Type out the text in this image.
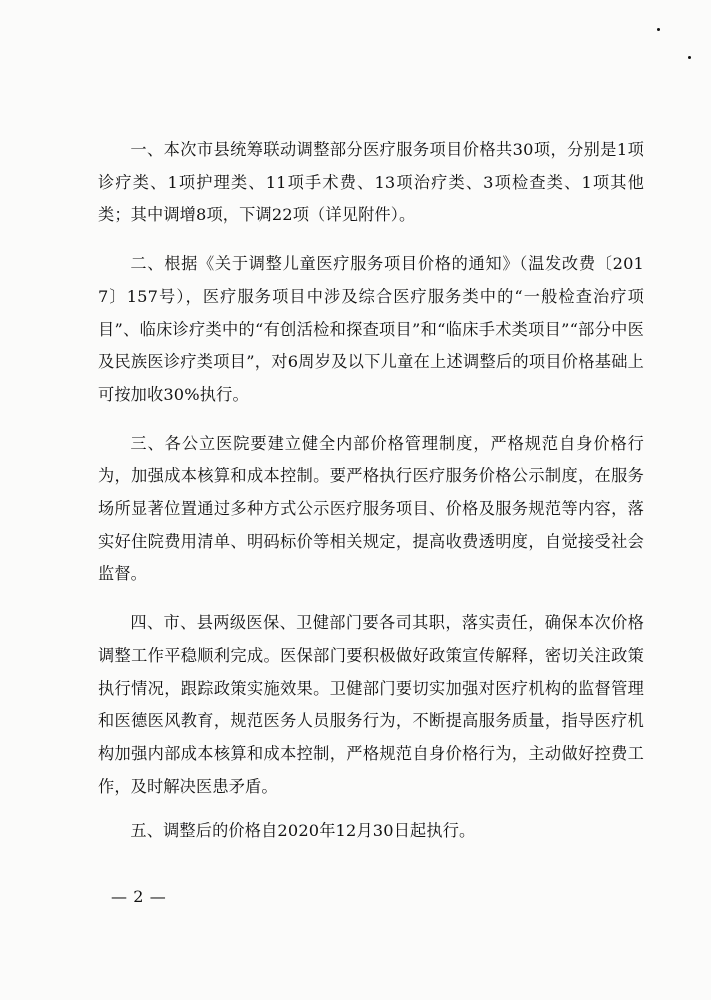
一、本次市县统筹联动调整部分医疗服务项目价格共30项，分别是1项诊疗类、1项护理类、11项手术费、13项治疗类、3项检查类、1项其他类；其中调增8项，下调22项（详见附件）。

二、根据《关于调整儿童医疗服务项目价格的通知》（温发改费〔2017〕157号），医疗服务项目中涉及综合医疗服务类中的“一般检查治疗项目”、临床诊疗类中的“有创活检和探查项目”和“临床手术类项目”“部分中医及民族医诊疗类项目”，对6周岁及以下儿童在上述调整后的项目价格基础上可按加收30%执行。

三、各公立医院要建立健全内部价格管理制度，严格规范自身价格行为，加强成本核算和成本控制。要严格执行医疗服务价格公示制度，在服务场所显著位置通过多种方式公示医疗服务项目、价格及服务规范等内容，落实好住院费用清单、明码标价等相关规定，提高收费透明度，自觉接受社会监督。

四、市、县两级医保、卫健部门要各司其职，落实责任，确保本次价格调整工作平稳顺利完成。医保部门要积极做好政策宣传解释，密切关注政策执行情况，跟踪政策实施效果。卫健部门要切实加强对医疗机构的监督管理和医德医风教育，规范医务人员服务行为，不断提高服务质量，指导医疗机构加强内部成本核算和成本控制，严格规范自身价格行为，主动做好控费工作，及时解决医患矛盾。

五、调整后的价格自2020年12月30日起执行。

— 2 —
